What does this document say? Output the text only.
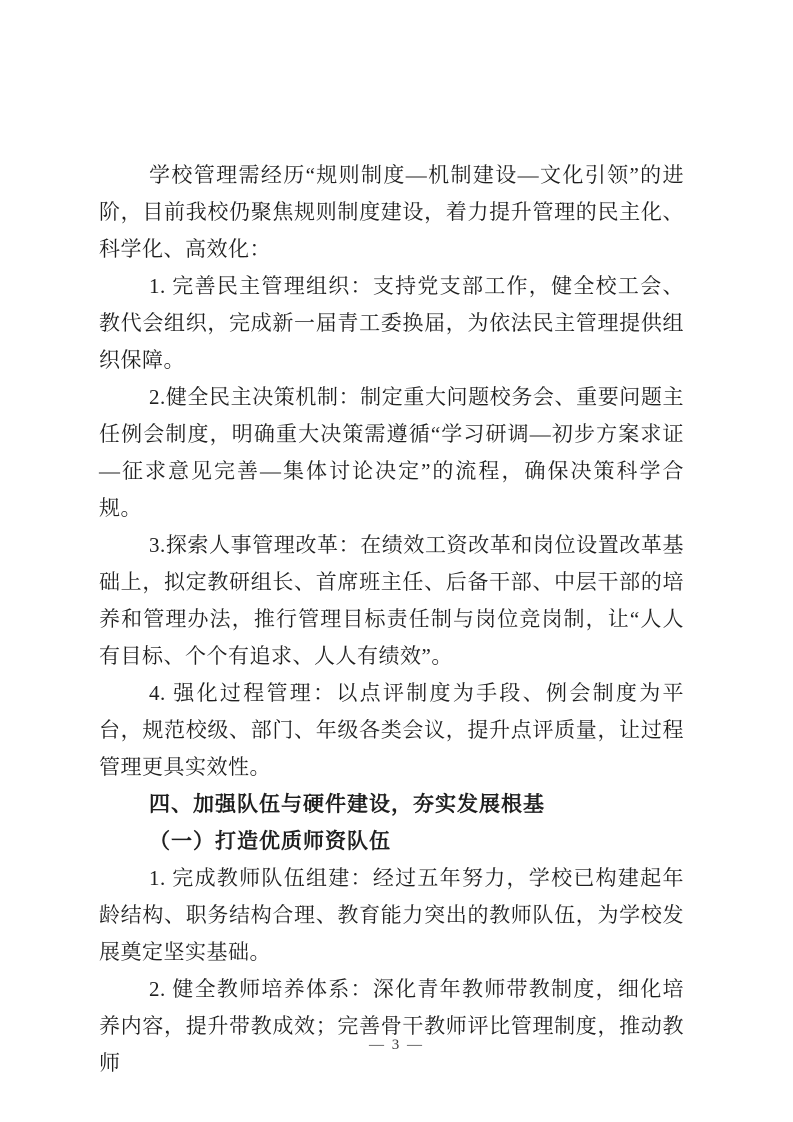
学校管理需经历“规则制度—机制建设—文化引领”的进阶，目前我校仍聚焦规则制度建设，着力提升管理的民主化、科学化、高效化：

1. 完善民主管理组织：支持党支部工作，健全校工会、教代会组织，完成新一届青工委换届，为依法民主管理提供组织保障。

2.健全民主决策机制：制定重大问题校务会、重要问题主任例会制度，明确重大决策需遵循“学习研调—初步方案求证—征求意见完善—集体讨论决定”的流程，确保决策科学合规。

3.探索人事管理改革：在绩效工资改革和岗位设置改革基础上，拟定教研组长、首席班主任、后备干部、中层干部的培养和管理办法，推行管理目标责任制与岗位竞岗制，让“人人有目标、个个有追求、人人有绩效”。

4. 强化过程管理：以点评制度为手段、例会制度为平台，规范校级、部门、年级各类会议，提升点评质量，让过程管理更具实效性。

四、加强队伍与硬件建设，夯实发展根基

（一）打造优质师资队伍

1. 完成教师队伍组建：经过五年努力，学校已构建起年龄结构、职务结构合理、教育能力突出的教师队伍，为学校发展奠定坚实基础。

2. 健全教师培养体系：深化青年教师带教制度，细化培养内容，提升带教成效；完善骨干教师评比管理制度，推动教师

— 3 —
